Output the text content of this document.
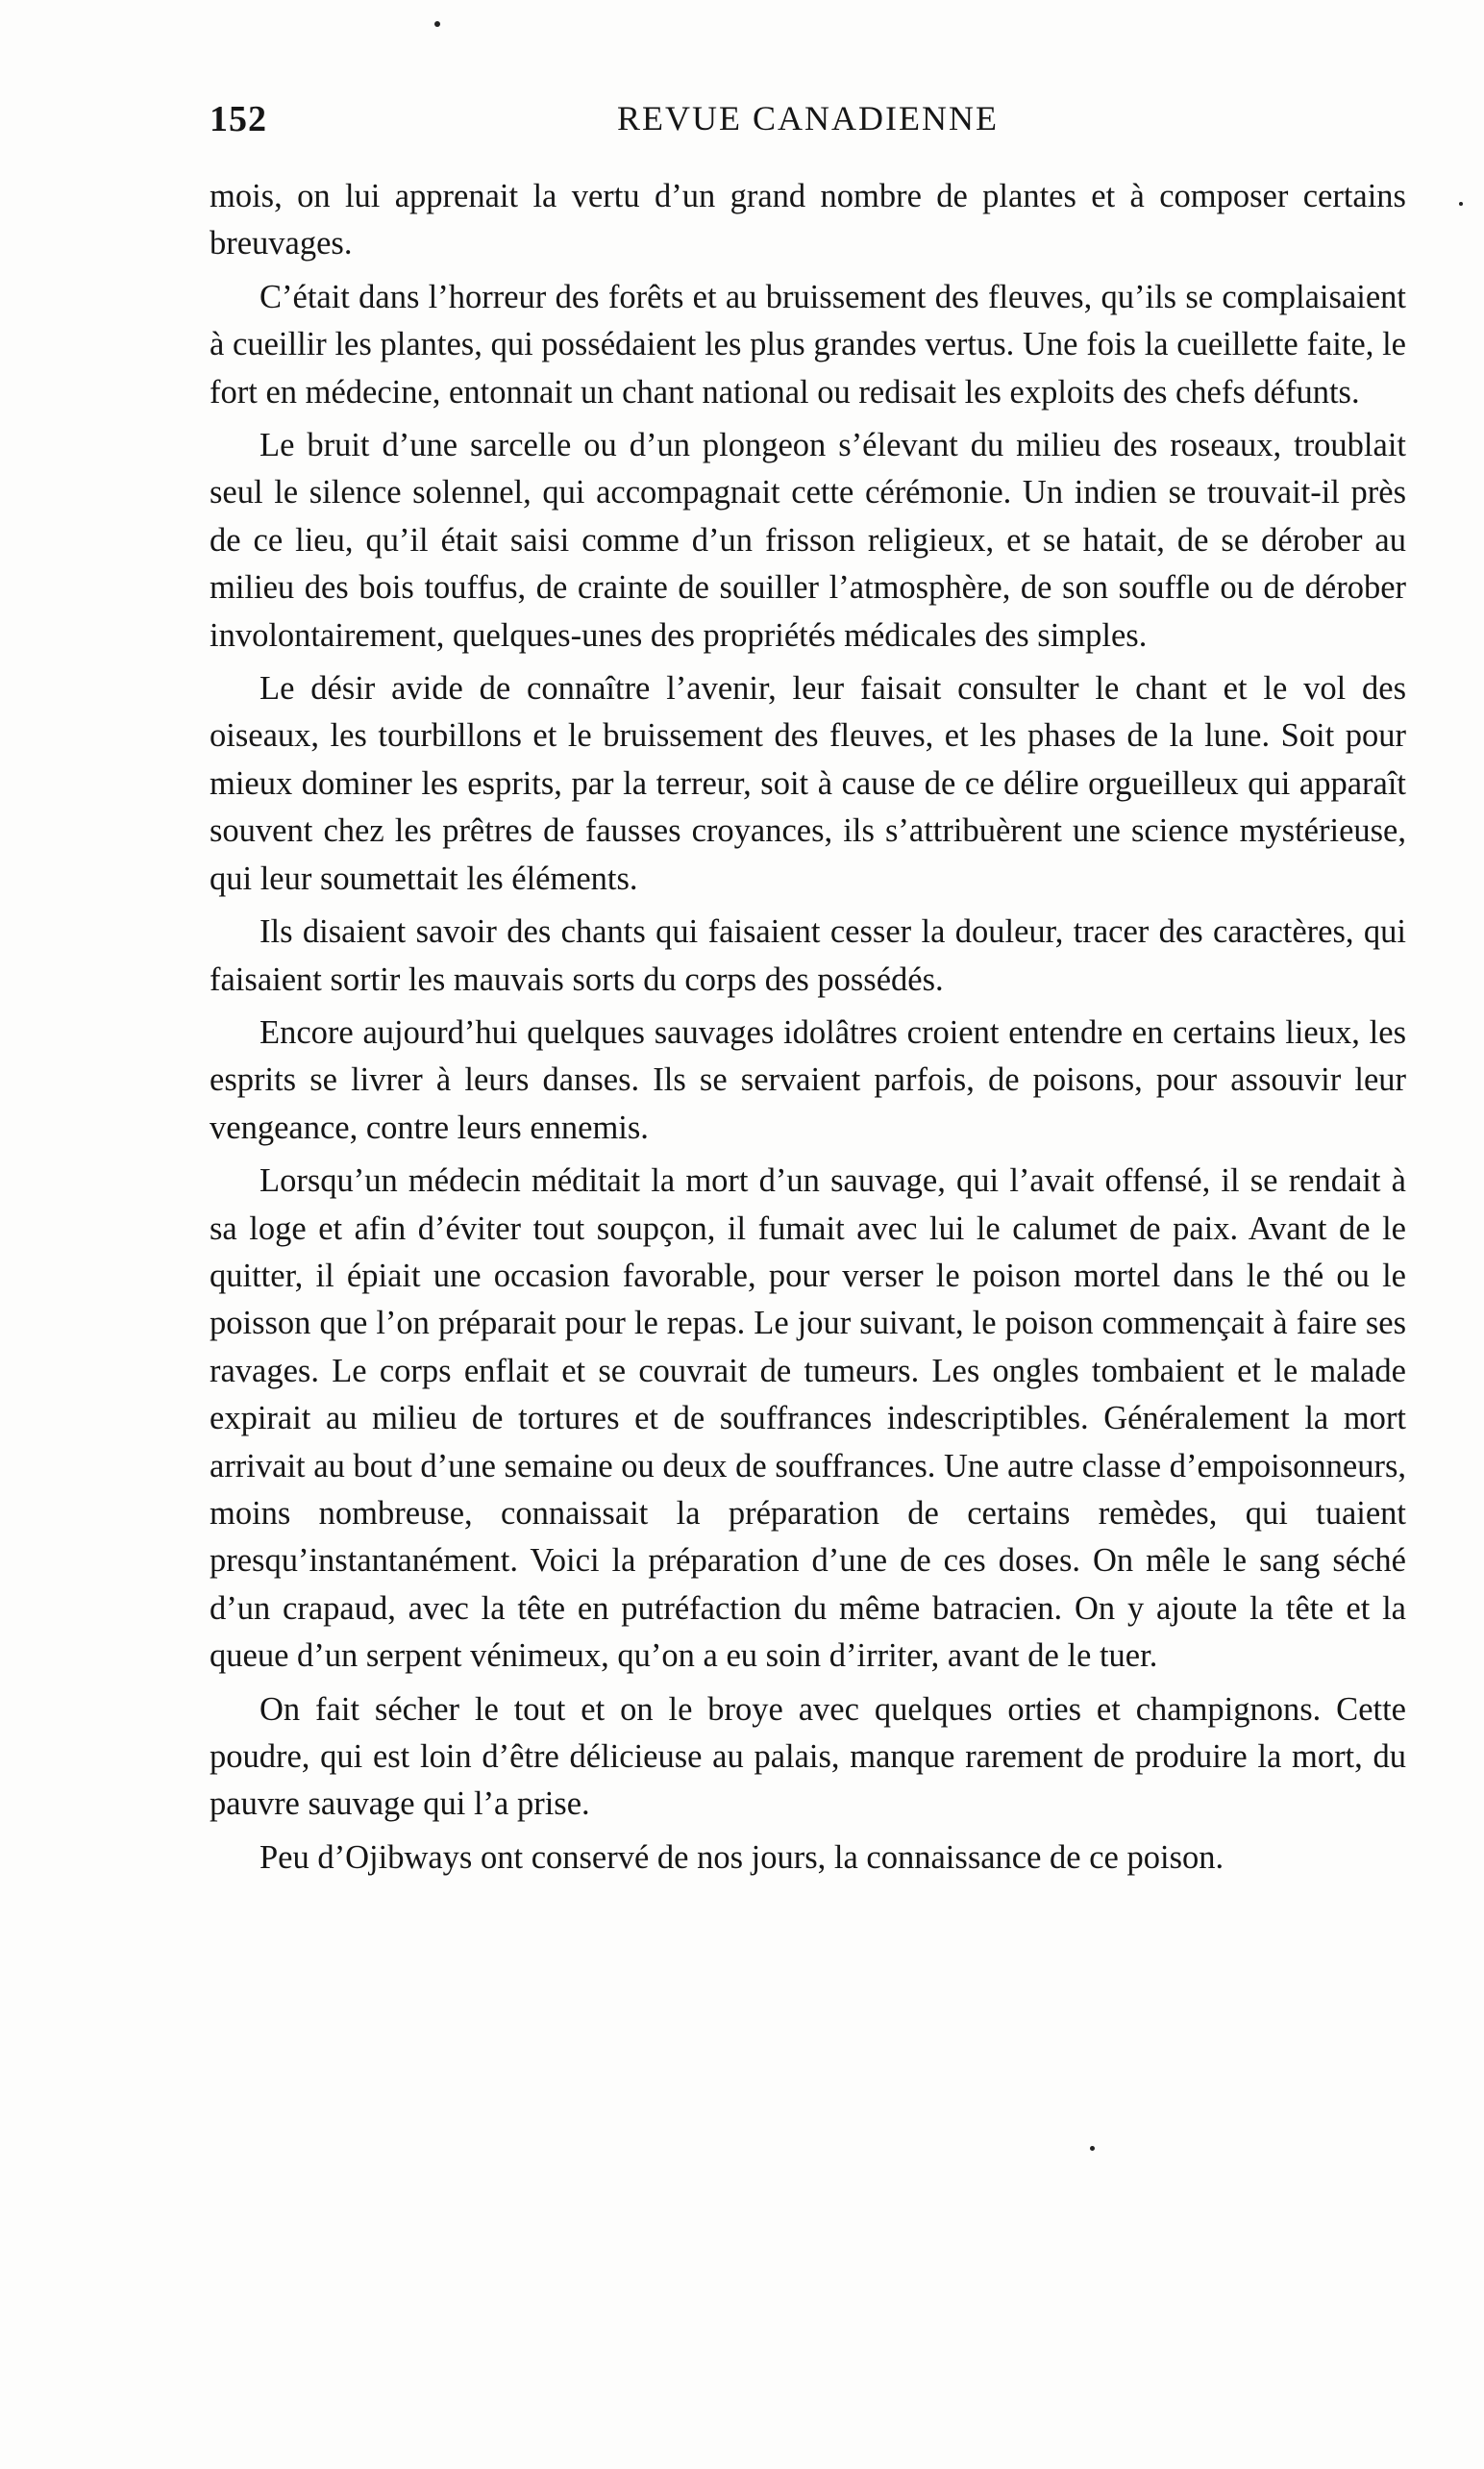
152	REVUE CANADIENNE

mois, on lui apprenait la vertu d’un grand nombre de plantes et à composer certains breuvages.

C’était dans l’horreur des forêts et au bruissement des fleuves, qu’ils se complaisaient à cueillir les plantes, qui possédaient les plus grandes vertus. Une fois la cueillette faite, le fort en médecine, entonnait un chant national ou redisait les exploits des chefs défunts.

Le bruit d’une sarcelle ou d’un plongeon s’élevant du milieu des roseaux, troublait seul le silence solennel, qui accompagnait cette cérémonie. Un indien se trouvait-il près de ce lieu, qu’il était saisi comme d’un frisson religieux, et se hatait, de se dérober au milieu des bois touffus, de crainte de souiller l’atmosphère, de son souffle ou de dérober involontairement, quelques-unes des propriétés médicales des simples.

Le désir avide de connaître l’avenir, leur faisait consulter le chant et le vol des oiseaux, les tourbillons et le bruissement des fleuves, et les phases de la lune. Soit pour mieux dominer les esprits, par la terreur, soit à cause de ce délire orgueilleux qui apparaît souvent chez les prêtres de fausses croyances, ils s’attribuèrent une science mystérieuse, qui leur soumettait les éléments.

Ils disaient savoir des chants qui faisaient cesser la douleur, tracer des caractères, qui faisaient sortir les mauvais sorts du corps des possédés.

Encore aujourd’hui quelques sauvages idolâtres croient entendre en certains lieux, les esprits se livrer à leurs danses. Ils se servaient parfois, de poisons, pour assouvir leur vengeance, contre leurs ennemis.

Lorsqu’un médecin méditait la mort d’un sauvage, qui l’avait offensé, il se rendait à sa loge et afin d’éviter tout soupçon, il fumait avec lui le calumet de paix. Avant de le quitter, il épiait une occasion favorable, pour verser le poison mortel dans le thé ou le poisson que l’on préparait pour le repas. Le jour suivant, le poison commençait à faire ses ravages. Le corps enflait et se couvrait de tumeurs. Les ongles tombaient et le malade expirait au milieu de tortures et de souffrances indescriptibles. Généralement la mort arrivait au bout d’une semaine ou deux de souffrances. Une autre classe d’empoisonneurs, moins nombreuse, connaissait la préparation de certains remèdes, qui tuaient presqu’instantanément. Voici la préparation d’une de ces doses. On mêle le sang séché d’un crapaud, avec la tête en putréfaction du même batracien. On y ajoute la tête et la queue d’un serpent vénimeux, qu’on a eu soin d’irriter, avant de le tuer.

On fait sécher le tout et on le broye avec quelques orties et champignons. Cette poudre, qui est loin d’être délicieuse au palais, manque rarement de produire la mort, du pauvre sauvage qui l’a prise.

Peu d’Ojibways ont conservé de nos jours, la connaissance de ce poison.
